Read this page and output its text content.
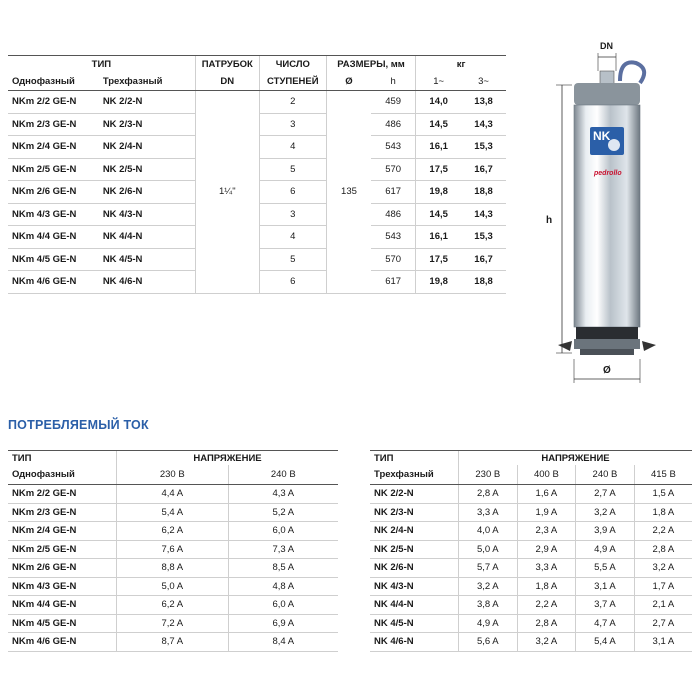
ТИП		ПАТРУБОК	ЧИСЛО	РАЗМЕРЫ, мм		кг	
Однофазный	Трехфазный	DN	СТУПЕНЕЙ	Ø	h	1~	3~
NKm 2/2 GE-N	NK 2/2-N	1¼"	2	135	459	14,0	13,8
NKm 2/3 GE-N	NK 2/3-N		3		486	14,5	14,3
NKm 2/4 GE-N	NK 2/4-N		4		543	16,1	15,3
NKm 2/5 GE-N	NK 2/5-N		5		570	17,5	16,7
NKm 2/6 GE-N	NK 2/6-N		6		617	19,8	18,8
NKm 4/3 GE-N	NK 4/3-N		3		486	14,5	14,3
NKm 4/4 GE-N	NK 4/4-N		4		543	16,1	15,3
NKm 4/5 GE-N	NK 4/5-N		5		570	17,5	16,7
NKm 4/6 GE-N	NK 4/6-N		6		617	19,8	18,8
DN
h
Ø
NK
pedrollo
ПОТРЕБЛЯЕМЫЙ ТОК
ТИП	НАПРЯЖЕНИЕ	
Однофазный	230 В	240 В
NKm 2/2 GE-N	4,4 A	4,3 A
NKm 2/3 GE-N	5,4 A	5,2 A
NKm 2/4 GE-N	6,2 A	6,0 A
NKm 2/5 GE-N	7,6 A	7,3 A
NKm 2/6 GE-N	8,8 A	8,5 A
NKm 4/3 GE-N	5,0 A	4,8 A
NKm 4/4 GE-N	6,2 A	6,0 A
NKm 4/5 GE-N	7,2 A	6,9 A
NKm 4/6 GE-N	8,7 A	8,4 A
ТИП	НАПРЯЖЕНИЕ			
Трехфазный	230 В	400 В	240 В	415 В
NK 2/2-N	2,8 A	1,6 A	2,7 A	1,5 A
NK 2/3-N	3,3 A	1,9 A	3,2 A	1,8 A
NK 2/4-N	4,0 A	2,3 A	3,9 A	2,2 A
NK 2/5-N	5,0 A	2,9 A	4,9 A	2,8 A
NK 2/6-N	5,7 A	3,3 A	5,5 A	3,2 A
NK 4/3-N	3,2 A	1,8 A	3,1 A	1,7 A
NK 4/4-N	3,8 A	2,2 A	3,7 A	2,1 A
NK 4/5-N	4,9 A	2,8 A	4,7 A	2,7 A
NK 4/6-N	5,6 A	3,2 A	5,4 A	3,1 A
